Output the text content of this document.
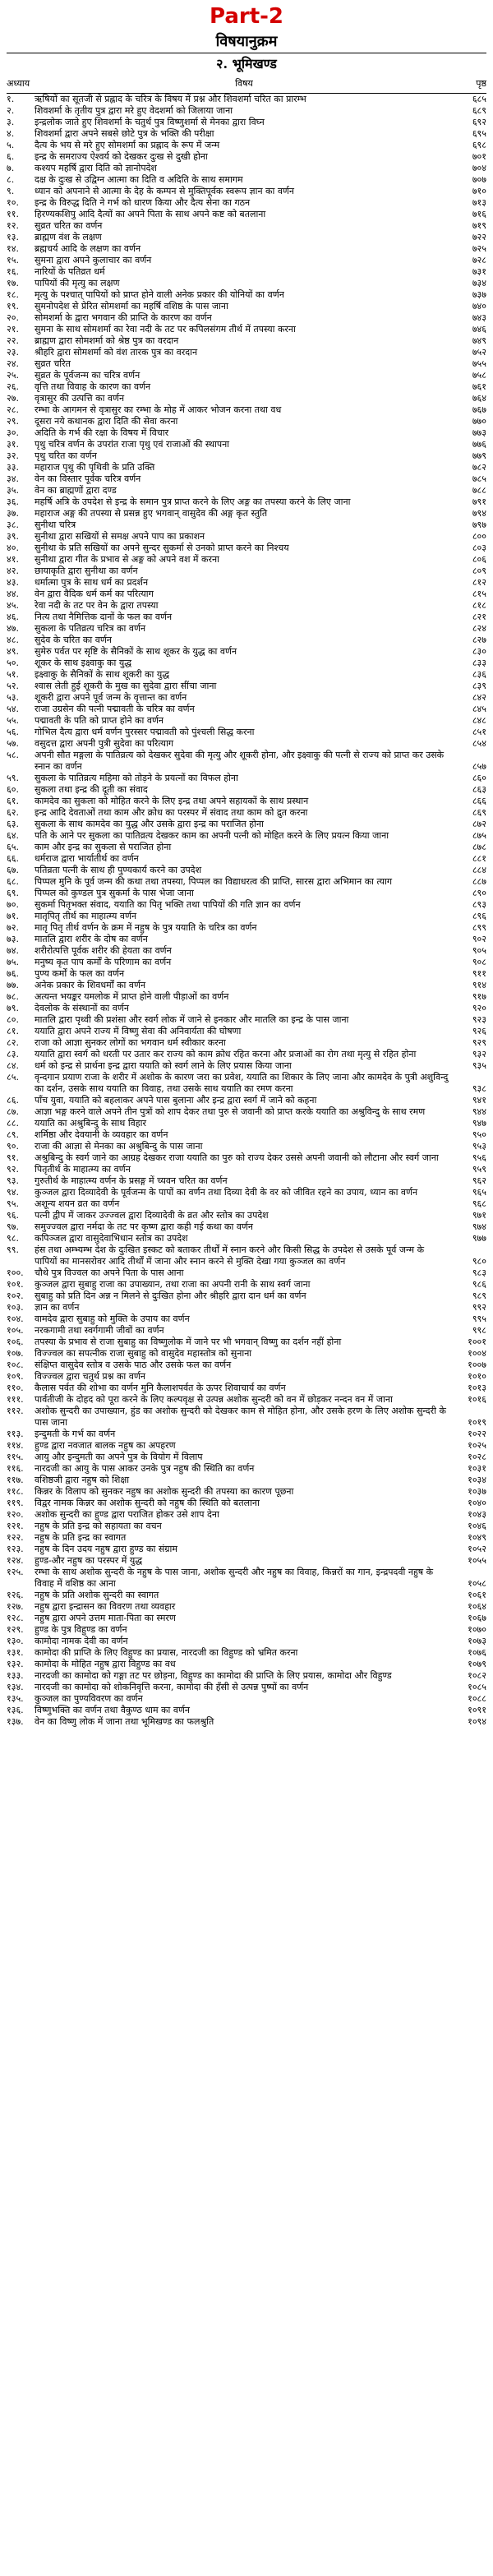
Part-2
विषयानुक्रम
२. भूमिखण्ड
अध्याय	विषय	पृष्ठ
१.	ऋषियों का सूतजी से प्रह्लाद के चरित्र के विषय में प्रश्न और शिवशर्मा चरित का प्रारम्भ	६८५
२.	शिवशर्मा के तृतीय पुत्र द्वारा मरे हुए वेदशर्मा को जिलाया जाना	६८९
३.	इन्द्रलोक जाते हुए शिवशर्मा के चतुर्थ पुत्र विष्णुशर्मा से मेनका द्वारा विघ्न	६९२
४.	शिवशर्मा द्वारा अपने सबसे छोटे पुत्र के भक्ति की परीक्षा	६९५
५.	दैत्य के भय से मरे हुए सोमशर्मा का प्रह्लाद के रूप में जन्म	६९८
६.	इन्द्र के समराज्य ऐश्वर्य को देखकर दुःख से दुखी होना	७०१
७.	कश्यप महर्षि द्वारा दिति को ज्ञानोपदेश	७०४
८.	दक्ष के दुःख से उद्विग्न आत्मा का दिति व अदिति के साथ समागम	७०७
९.	ध्यान को अपनाने से आत्मा के देह के कम्पन से मुक्तिपूर्वक स्वरूप ज्ञान का वर्णन	७१०
१०.	इन्द्र के विरुद्ध दिति ने गर्भ को धारण किया और दैत्य सेना का गठन	७१३
११.	हिरण्यकशिपु आदि दैत्यों का अपने पिता के साथ अपने कष्ट को बतलाना	७१६
१२.	सुव्रत चरित का वर्णन	७१९
१३.	ब्राह्मण वंश के लक्षण	७२२
१४.	ब्रह्मचर्य आदि के लक्षण का वर्णन	७२५
१५.	सुमना द्वारा अपने कुलाचार का वर्णन	७२८
१६.	नारियों के पतिव्रत धर्म	७३१
१७.	पापियों की मृत्यु का लक्षण	७३४
१८.	मृत्यु के पश्चात् पापियों को प्राप्त होने वाली अनेक प्रकार की योनियों का वर्णन	७३७
१९.	सुमनोपदेश से प्रेरित सोमशर्मा का महर्षि वशिष्ठ के पास जाना	७४०
२०.	सोमशर्मा के द्वारा भगवान की प्राप्ति के कारण का वर्णन	७४३
२१.	सुमना के साथ सोमशर्मा का रेवा नदी के तट पर कपिलसंगम तीर्थ में तपस्या करना	७४६
२२.	ब्राह्मण द्वारा सोमशर्मा को श्रेष्ठ पुत्र का वरदान	७४९
२३.	श्रीहरि द्वारा सोमशर्मा को वंश तारक पुत्र का वरदान	७५२
२४.	सुव्रत चरित	७५५
२५.	सुव्रत के पूर्वजन्म का चरित्र वर्णन	७५८
२६.	वृत्ति तथा विवाह के कारण का वर्णन	७६१
२७.	वृत्रासुर की उत्पत्ति का वर्णन	७६४
२८.	रम्भा के आगमन से वृत्रासुर का रम्भा के मोह में आकर भोजन करना तथा वध	७६७
२९.	दूसरा नये कथानक द्वारा दिति की सेवा करना	७७०
३०.	अदिति के गर्भ की रक्षा के विषय में विचार	७७३
३१.	पृथु चरित्र वर्णन के उपरांत राजा पृथु एवं राजाओं की स्थापना	७७६
३२.	पृथु चरित का वर्णन	७७९
३३.	महाराज पृथु की पृथिवी के प्रति उक्ति	७८२
३४.	वेन का विस्तार पूर्वक चरित्र वर्णन	७८५
३५.	वेन का ब्राह्मणों द्वारा दण्ड	७८८
३६.	महर्षि अत्रि के उपदेश से इन्द्र के समान पुत्र प्राप्त करने के लिए अङ्ग का तपस्या करने के लिए जाना	७९१
३७.	महाराज अङ्ग की तपस्या से प्रसन्न हुए भगवान् वासुदेव की अङ्ग कृत स्तुति	७९४
३८.	सुनीथा चरित्र	७९७
३९.	सुनीथा द्वारा सखियों से समक्ष अपने पाप का प्रकाशन	८००
४०.	सुनीथा के प्रति सखियों का अपने सुन्दर सुकर्मा से उनको प्राप्त करने का निश्चय	८०३
४१.	सुनीथा द्वारा गीत के प्रभाव से अङ्ग को अपने वश में करना	८०६
४२.	छायाकृति द्वारा सुनीथा का वर्णन	८०९
४३.	धर्मात्मा पुत्र के साथ धर्म का प्रदर्शन	८१२
४४.	वेन द्वारा वैदिक धर्म कर्म का परित्याग	८१५
४५.	रेवा नदी के तट पर वेन के द्वारा तपस्या	८१८
४६.	नित्य तथा नैमित्तिक दानों के फल का वर्णन	८२१
४७.	सुकला के पतिव्रत्य चरित्र का वर्णन	८२४
४८.	सुदेव के चरित का वर्णन	८२७
४९.	सुमेरु पर्वत पर सृष्टि के सैनिकों के साथ शूकर के युद्ध का वर्णन	८३०
५०.	शूकर के साथ इक्ष्वाकु का युद्ध	८३३
५१.	इक्ष्वाकु के सैनिकों के साथ शूकरी का युद्ध	८३६
५२.	श्वास लेती हुई शूकरी के मुख का सुदेवा द्वारा सींचा जाना	८३९
५३.	शूकरी द्वारा अपने पूर्व जन्म के वृत्तान्त का वर्णन	८४२
५४.	राजा उग्रसेन की पत्नी पद्मावती के चरित्र का वर्णन	८४५
५५.	पद्मावती के पति को प्राप्त होने का वर्णन	८४८
५६.	गोभिल दैत्य द्वारा धर्म वर्णन पुरस्सर पद्मावती को पुंश्चली सिद्ध करना	८५१
५७.	वसुदत्त द्वारा अपनी पुत्री सुदेवा का परित्याग	८५४
५८.	अपनी सौत मङ्गला के पातिव्रत्य को देखकर सुदेवा की मृत्यु और शूकरी होना, और इक्ष्वाकु की पत्नी से राज्य को प्राप्त कर उसके स्नान का वर्णन	८५७
५९.	सुकला के पातिव्रत्य महिमा को तोड़ने के प्रयत्नों का विफल होना	८६०
६०.	सुकला तथा इन्द्र की दूती का संवाद	८६३
६१.	कामदेव का सुकला को मोहित करने के लिए इन्द्र तथा अपने सहायकों के साथ प्रस्थान	८६६
६२.	इन्द्र आदि देवताओं तथा काम और क्रोध का परस्पर में संवाद तथा काम को द्रुत करना	८६९
६३.	सुकला के साथ कामदेव का युद्ध और उसके द्वारा इन्द्र का पराजित होना	८७२
६४.	पति के आने पर सुकला का पातिव्रत्य देखकर काम का अपनी पत्नी को मोहित करने के लिए प्रयत्न किया जाना	८७५
६५.	काम और इन्द्र का सुकला से पराजित होना	८७८
६६.	धर्मराज द्वारा भार्यातीर्थ का वर्णन	८८१
६७.	पतिव्रता पत्नी के साथ ही पुण्यकार्य करने का उपदेश	८८४
६८.	पिप्पल मुनि के पूर्व जन्म की कथा तथा तपस्या, पिप्पल का विद्याधरत्व की प्राप्ति, सारस द्वारा अभिमान का त्याग	८८७
६९.	पिप्पल को कुण्डल पुत्र सुकर्मा के पास भेजा जाना	८९०
७०.	सुकर्मा पितृभक्त संवाद, ययाति का पितृ भक्ति तथा पापियों की गति ज्ञान का वर्णन	८९३
७१.	मातृपितृ तीर्थ का माहात्म्य वर्णन	८९६
७२.	मातृ पितृ तीर्थ वर्णन के क्रम में नहुष के पुत्र ययाति के चरित्र का वर्णन	८९९
७३.	मातलि द्वारा शरीर के दोष का वर्णन	९०२
७४.	शरीरोत्पत्ति पूर्वक शरीर की हेयता का वर्णन	९०५
७५.	मनुष्य कृत पाप कर्मों के परिणाम का वर्णन	९०८
७६.	पुण्य कर्मों के फल का वर्णन	९११
७७.	अनेक प्रकार के शिवधर्मों का वर्णन	९१४
७८.	अत्यन्त भयङ्कर यमलोक में प्राप्त होने वाली पीड़ाओं का वर्णन	९१७
७९.	देवलोक के संस्थानों का वर्णन	९२०
८०.	मातलि द्वारा पृथ्वी की प्रशंसा और स्वर्ग लोक में जाने से इनकार और मातलि का इन्द्र के पास जाना	९२३
८१.	ययाति द्वारा अपने राज्य में विष्णु सेवा की अनिवार्यता की घोषणा	९२६
८२.	राजा को आज्ञा सुनकर लोगों का भगवान धर्म स्वीकार करना	९२९
८३.	ययाति द्वारा स्वर्ग को धरती पर उतार कर राज्य को काम क्रोध रहित करना और प्रजाओं का रोग तथा मृत्यु से रहित होना	९३२
८४.	धर्म को इन्द्र से प्रार्थना इन्द्र द्वारा ययाति को स्वर्ग लाने के लिए प्रयास किया जाना	९३५
८५.	वृन्दगान प्रयाण राजा के शरीर में अशोक के कारण जरा का प्रवेश, ययाति का शिकार के लिए जाना और कामदेव के पुत्री अशुविन्दु का दर्शन, उसके साथ ययाति का विवाह, तथा उसके साथ ययाति का रमण करना	९३८
८६.	पाँच युवा, ययाति को बहलाकर अपने पास बुलाना और इन्द्र द्वारा स्वर्ग में जाने को कहना	९४१
८७.	आज्ञा भङ्ग करने वाले अपने तीन पुत्रों को शाप देकर तथा पुरु से जवानी को प्राप्त करके ययाति का अश्रुविन्दु के साथ रमण	९४४
८८.	ययाति का अश्रुबिन्दु के साथ विहार	९४७
८९.	शर्मिष्ठा और देवयानी के व्यवहार का वर्णन	९५०
९०.	राजा की आज्ञा से मेनका का अश्रुबिन्दु के पास जाना	९५३
९१.	अश्रुबिन्दु के स्वर्ग जाने का आग्रह देखकर राजा ययाति का पुरु को राज्य देकर उससे अपनी जवानी को लौटाना और स्वर्ग जाना	९५६
९२.	पितृतीर्थ के माहात्म्य का वर्णन	९५९
९३.	गुरुतीर्थ के माहात्म्य वर्णन के प्रसङ्ग में च्यवन चरित का वर्णन	९६२
९४.	कुञ्जल द्वारा दिव्यादेवी के पूर्वजन्म के पापों का वर्णन तथा दिव्या देवी के वर को जीवित रहने का उपाय, ध्यान का वर्णन	९६५
९५.	अशून्य शयन व्रत का वर्णन	९६८
९६.	पत्नी द्वीप में जाकर उज्ज्वल द्वारा दिव्यादेवी के व्रत और स्तोत्र का उपदेश	९७१
९७.	समुज्ज्वल द्वारा नर्मदा के तट पर कृष्ण द्वारा कही गई कथा का वर्णन	९७४
९८.	कपिञ्जल द्वारा वासुदेवाभिधान स्तोत्र का उपदेश	९७७
९९.	हंस तथा अम्भ्यम्भ देश के दुःखित इस्कट को बताकर तीर्थों में स्नान करने और किसी सिद्ध के उपदेश से उसके पूर्व जन्म के पापियों का मानसरोवर आदि तीर्थों में जाना और स्नान करने से मुक्ति देखा गया कुञ्जल का वर्णन	९८०
१००.	चौथे पुत्र विज्वल का अपने पिता के पास आना	९८३
१०१.	कुञ्जल द्वारा सुबाहु राजा का उपाख्यान, तथा राजा का अपनी रानी के साथ स्वर्ग जाना	९८६
१०२.	सुबाहु को प्रति दिन अन्न न मिलने से दुःखित होना और श्रीहरि द्वारा दान धर्म का वर्णन	९८९
१०३.	ज्ञान का वर्णन	९९२
१०४.	वामदेव द्वारा सुबाहु को मुक्ति के उपाय का वर्णन	९९५
१०५.	नरकगामी तथा स्वर्गगामी जीवों का वर्णन	९९८
१०६.	तपस्या के प्रभाव से राजा सुबाहु का विष्णुलोक में जाने पर भी भगवान् विष्णु का दर्शन नहीं होना	१००१
१०७.	विज्ज्वल का सपत्नीक राजा सुबाहु को वासुदेव महास्तोत्र को सुनाना	१००४
१०८.	संक्षिप्त वासुदेव स्तोत्र व उसके पाठ और उसके फल का वर्णन	१००७
१०९.	विज्ज्वल द्वारा चतुर्थ प्रश्न का वर्णन	१०१०
११०.	कैलास पर्वत की शोभा का वर्णन मुनि कैलाशपर्वत के ऊपर शिवाचार्य का वर्णन	१०१३
१११.	पार्वतीजी के दोहद को पूरा करने के लिए कल्पवृक्ष से उत्पन्न अशोक सुन्दरी को वन में छोड़कर नन्दन वन में जाना	१०१६
११२.	अशोक सुन्दरी का उपाख्यान, हुंड का अशोक सुन्दरी को देखकर काम से मोहित होना, और उसके हरण के लिए अशोक सुन्दरी के पास जाना	१०१९
११३.	इन्दुमती के गर्भ का वर्णन	१०२२
११४.	हुण्ड द्वारा नवजात बालक नहुष का अपहरण	१०२५
११५.	आयु और इन्दुमती का अपने पुत्र के वियोग में विलाप	१०२८
११६.	नारदजी का आयु के पास आकर उनके पुत्र नहुष की स्थिति का वर्णन	१०३१
११७.	वशिष्ठजी द्वारा नहुष को शिक्षा	१०३४
११८.	किन्नर के विलाप को सुनकर नहुष का अशोक सुन्दरी की तपस्या का कारण पूछना	१०३७
११९.	विद्वर नामक किन्नर का अशोक सुन्दरी को नहुष की स्थिति को बतलाना	१०४०
१२०.	अशोक सुन्दरी का हुण्ड द्वारा पराजित होकर उसे शाप देना	१०४३
१२१.	नहुष के प्रति इन्द्र को सहायता का वचन	१०४६
१२२.	नहुष के प्रति इन्द्र का स्वागत	१०४९
१२३.	नहुष के दिन उदय नहुष द्वारा हुण्ड का संग्राम	१०५२
१२४.	हुण्ड-और नहुष का परस्पर में युद्ध	१०५५
१२५.	रम्भा के साथ अशोक सुन्दरी के नहुष के पास जाना, अशोक सुन्दरी और नहुष का विवाह, किन्नरों का गान, इन्द्रपदवी नहुष के विवाह में वशिष्ठ का आना	१०५८
१२६.	नहुष के प्रति अशोक सुन्दरी का स्वागत	१०६१
१२७.	नहुष द्वारा इन्द्रासन का विवरण तथा व्यवहार	१०६४
१२८.	नहुष द्वारा अपने उत्तम माता-पिता का स्मरण	१०६७
१२९.	हुण्ड के पुत्र विहुण्ड का वर्णन	१०७०
१३०.	कामोदा नामक देवी का वर्णन	१०७३
१३१.	कामोदा की प्राप्ति के लिए विहुण्ड का प्रयास, नारदजी का विहुण्ड को भ्रमित करना	१०७६
१३२.	कामोदा के मोहित नहुष द्वारा विहुण्ड का वध	१०७९
१३३.	नारदजी का कामोदा को गङ्गा तट पर छोड़ना, विहुण्ड का कामोदा की प्राप्ति के लिए प्रयास, कामोदा और विहुण्ड	१०८२
१३४.	नारदजी का कामोदा को शोकनिवृत्ति करना, कामोदा की हँसी से उत्पन्न पुष्पों का वर्णन	१०८५
१३५.	कुञ्जल का पुण्यविवरण का वर्णन	१०८८
१३६.	विष्णुभक्ति का वर्णन तथा वैकुण्ठ धाम का वर्णन	१०९१
१३७.	वेन का विष्णु लोक में जाना तथा भूमिखण्ड का फलश्रुति	१०९४
